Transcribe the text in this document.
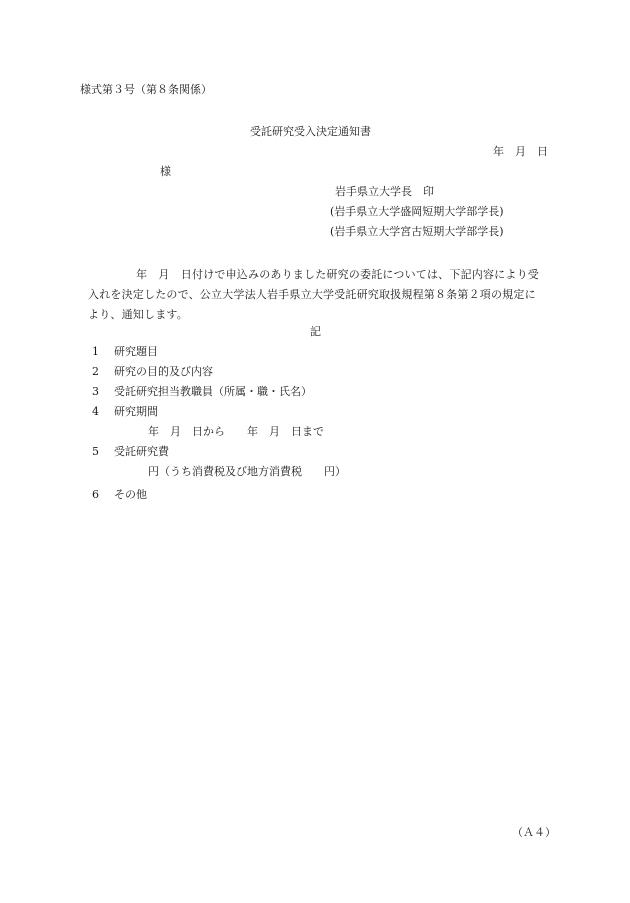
様式第３号（第８条関係）
受託研究受入決定通知書
年　月　日
様
岩手県立大学長　印
(岩手県立大学盛岡短期大学部学長)
(岩手県立大学宮古短期大学部学長)
年　月　日付けで申込みのありました研究の委託については、下記内容により受
入れを決定したので、公立大学法人岩手県立大学受託研究取扱規程第８条第２項の規定に
より、通知します。
記
1 研究題目
2 研究の目的及び内容
3 受託研究担当教職員（所属・職・氏名）
4 研究期間
年　月　日から　　年　月　日まで
5 受託研究費
円（うち消費税及び地方消費税　　円）
6 その他
（Ａ４）
